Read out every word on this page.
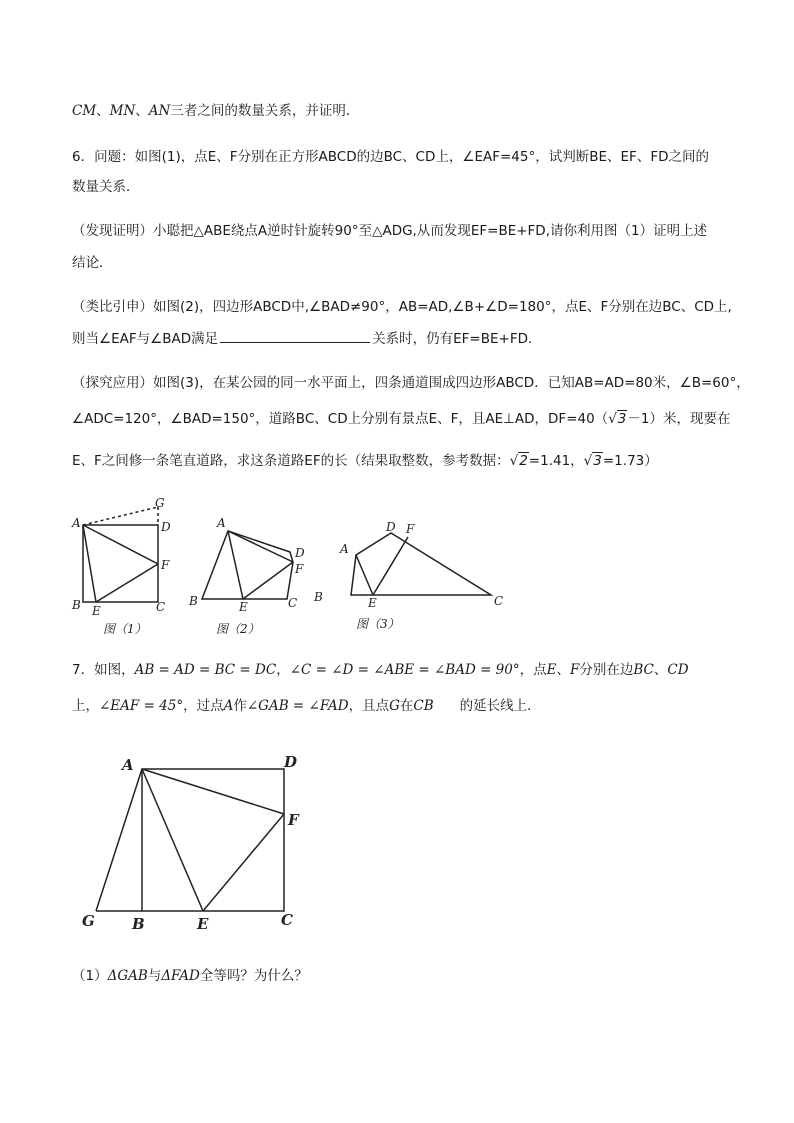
CM、MN、AN三者之间的数量关系，并证明．
6．问题：如图(1)，点E、F分别在正方形ABCD的边BC、CD上，∠EAF=45°，试判断BE、EF、FD之间的
数量关系．
（发现证明）小聪把△ABE绕点A逆时针旋转90°至△ADG,从而发现EF=BE+FD,请你利用图（1）证明上述
结论．
（类比引申）如图(2)，四边形ABCD中,∠BAD≠90°，AB=AD,∠B+∠D=180°，点E、F分别在边BC、CD上,
则当∠EAF与∠BAD满足	关系时，仍有EF=BE+FD．
（探究应用）如图(3)，在某公园的同一水平面上，四条通道围成四边形ABCD．已知AB=AD=80米，∠B=60°，
∠ADC=120°，∠BAD=150°，道路BC、CD上分别有景点E、F，且AE⊥AD，DF=40（√3－1）米，现要在
E、F之间修一条笔直道路，求这条道路EF的长（结果取整数，参考数据：√2=1.41，√3=1.73）
A	D
G
F
B E	C
图（1）
A
D
F
B	E	C
图（2）
A
D F
B	E	C
图（3）
7．如图，AB = AD = BC = DC，∠C = ∠D = ∠ABE = ∠BAD = 90°，点E、F分别在边BC、CD
上，∠EAF = 45°，过点A作∠GAB = ∠FAD，且点G在CB 的延长线上．
A	D
F
G B	E	C
（1）ΔGAB与ΔFAD全等吗？为什么？
